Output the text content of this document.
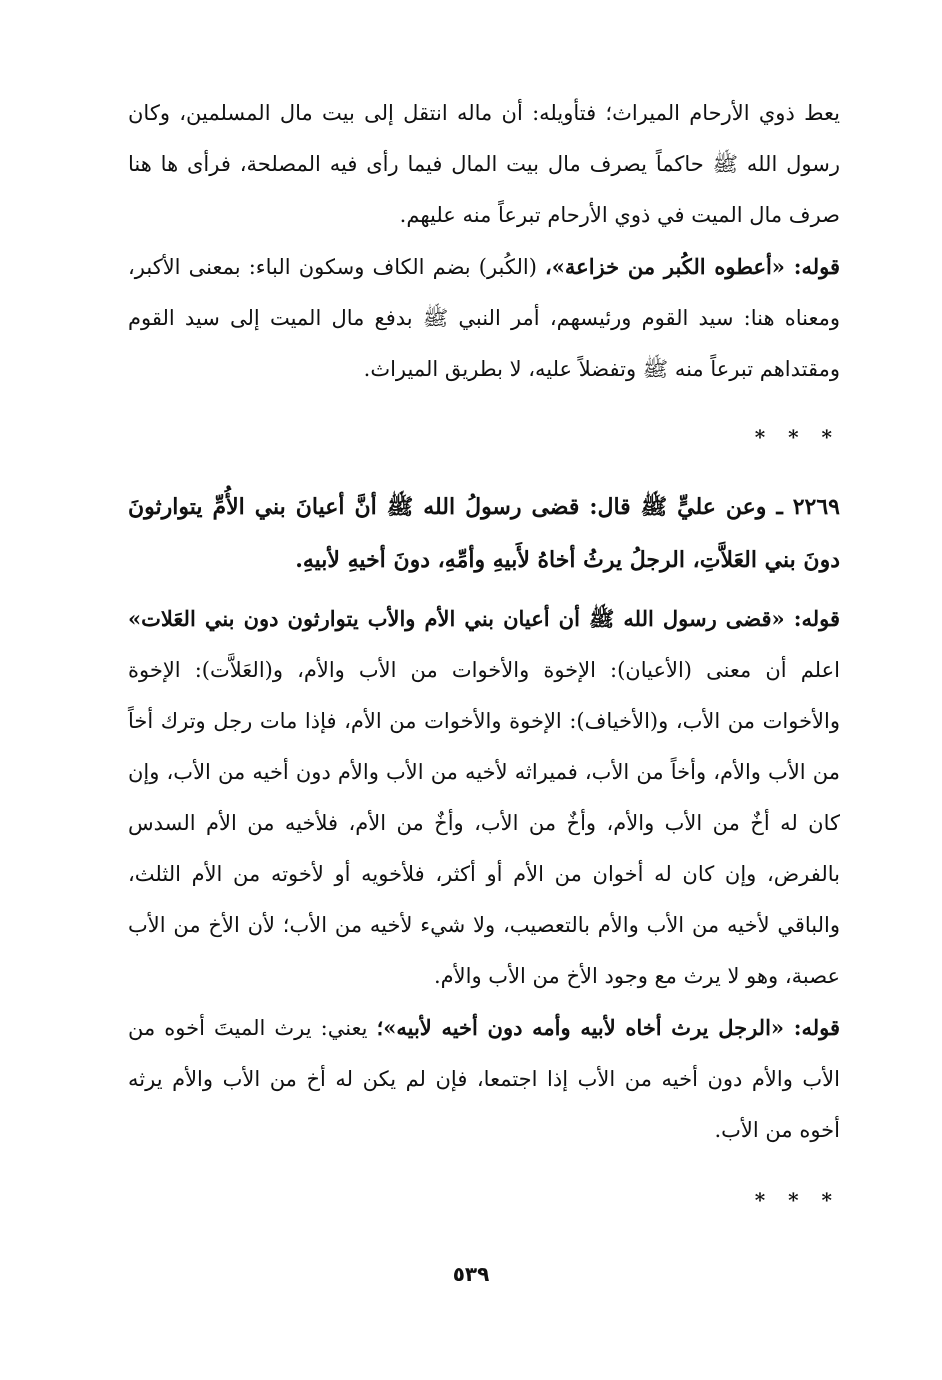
يعط ذوي الأرحام الميراث؛ فتأويله: أن ماله انتقل إلى بيت مال المسلمين، وكان رسول الله ﷺ حاكماً يصرف مال بيت المال فيما رأى فيه المصلحة، فرأى ها هنا صرف مال الميت في ذوي الأرحام تبرعاً منه عليهم.

قوله: «أعطوه الكُبر من خزاعة»، (الكُبر) بضم الكاف وسكون الباء: بمعنى الأكبر، ومعناه هنا: سيد القوم ورئيسهم، أمر النبي ﷺ بدفع مال الميت إلى سيد القوم ومقتداهم تبرعاً منه ﷺ وتفضلاً عليه، لا بطريق الميراث.

* * *

٢٢٦٩ ـ وعن عليٍّ ﷺ قال: قضى رسولُ الله ﷺ أنَّ أعيانَ بني الأُمِّ يتوارثونَ دونَ بني العَلاَّتِ، الرجلُ يرثُ أخاهُ لأَبيهِ وأمِّهِ، دونَ أخيهِ لأبيهِ.

قوله: «قضى رسول الله ﷺ أن أعيان بني الأم والأب يتوارثون دون بني العَلات» اعلم أن معنى (الأعيان): الإخوة والأخوات من الأب والأم، و(العَلاَّت): الإخوة والأخوات من الأب، و(الأخياف): الإخوة والأخوات من الأم، فإذا مات رجل وترك أخاً من الأب والأم، وأخاً من الأب، فميراثه لأخيه من الأب والأم دون أخيه من الأب، وإن كان له أخٌ من الأب والأم، وأخٌ من الأب، وأخٌ من الأم، فلأخيه من الأم السدس بالفرض، وإن كان له أخوان من الأم أو أكثر، فلأخويه أو لأخوته من الأم الثلث، والباقي لأخيه من الأب والأم بالتعصيب، ولا شيء لأخيه من الأب؛ لأن الأخ من الأب عصبة، وهو لا يرث مع وجود الأخ من الأب والأم.

قوله: «الرجل يرث أخاه لأبيه وأمه دون أخيه لأبيه»؛ يعني: يرث الميتَ أخوه من الأب والأم دون أخيه من الأب إذا اجتمعا، فإن لم يكن له أخ من الأب والأم يرثه أخوه من الأب.

* * *
٥٣٩
